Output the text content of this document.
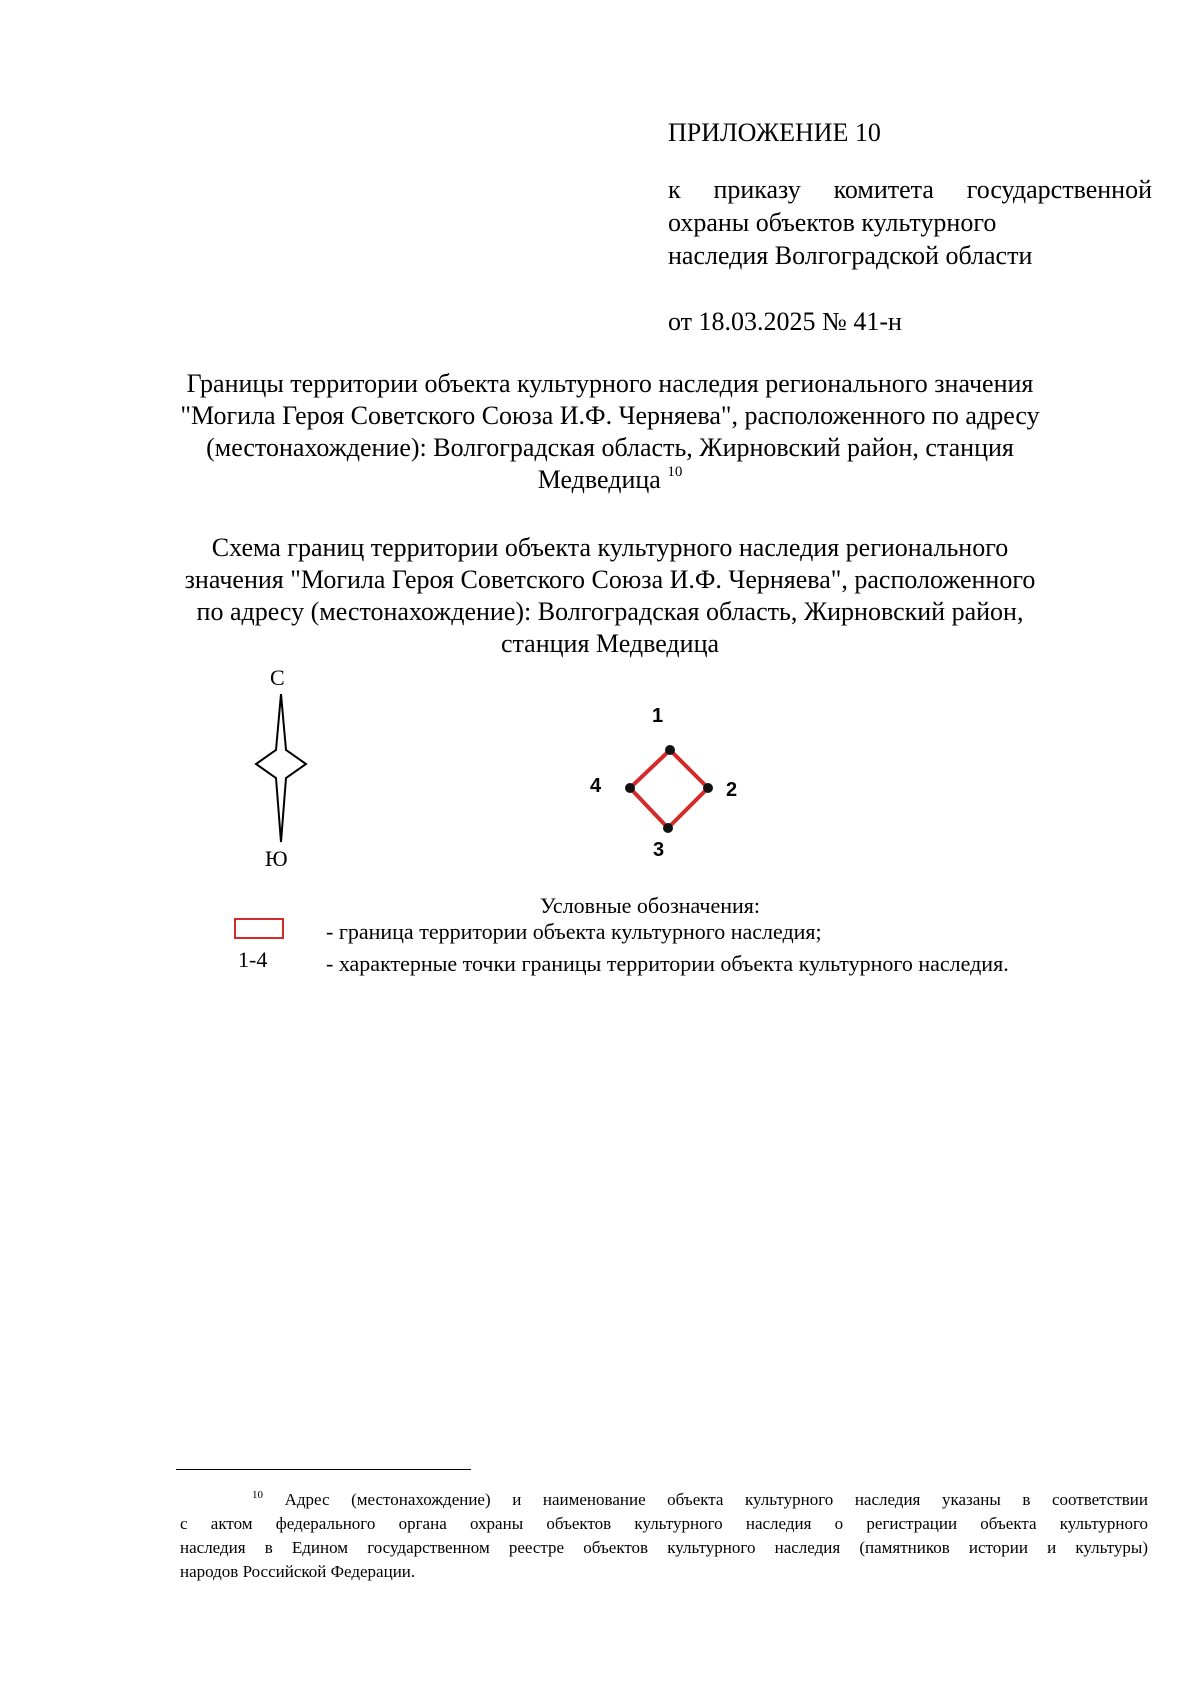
ПРИЛОЖЕНИЕ 10

к приказу комитета государственной
охраны объектов культурного
наследия Волгоградской области

от 18.03.2025 № 41-н

Границы территории объекта культурного наследия регионального значения
"Могила Героя Советского Союза И.Ф. Черняева", расположенного по адресу
(местонахождение): Волгоградская область, Жирновский район, станция
Медведица $^{10}$
Схема границ территории объекта культурного наследия регионального
значения "Могила Героя Советского Союза И.Ф. Черняева", расположенного
по адресу (местонахождение): Волгоградская область, Жирновский район,
станция Медведица
С
Ю
1
2
3
4
Условные обозначения:
- граница территории объекта культурного наследия;
1-4	- характерные точки границы территории объекта культурного наследия.
$^{10}$ Адрес (местонахождение) и наименование объекта культурного наследия указаны в соответствии
с актом федерального органа охраны объектов культурного наследия о регистрации объекта культурного
наследия в Едином государственном реестре объектов культурного наследия (памятников истории и культуры)
народов Российской Федерации.
